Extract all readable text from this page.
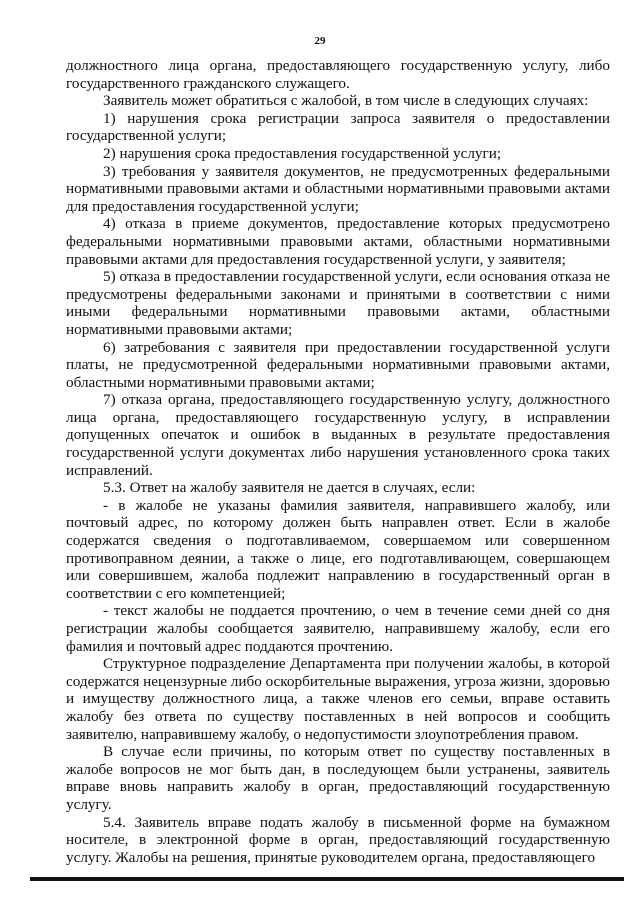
29

должностного лица органа, предоставляющего государственную услугу, либо государственного гражданского служащего.

Заявитель может обратиться с жалобой, в том числе в следующих случаях:

1) нарушения срока регистрации запроса заявителя о предоставлении государственной услуги;

2) нарушения срока предоставления государственной услуги;

3) требования у заявителя документов, не предусмотренных федеральными нормативными правовыми актами и областными нормативными правовыми актами для предоставления государственной услуги;

4) отказа в приеме документов, предоставление которых предусмотрено федеральными нормативными правовыми актами, областными нормативными правовыми актами для предоставления государственной услуги, у заявителя;

5) отказа в предоставлении государственной услуги, если основания отказа не предусмотрены федеральными законами и принятыми в соответствии с ними иными федеральными нормативными правовыми актами, областными нормативными правовыми актами;

6) затребования с заявителя при предоставлении государственной услуги платы, не предусмотренной федеральными нормативными правовыми актами, областными нормативными правовыми актами;

7) отказа органа, предоставляющего государственную услугу, должностного лица органа, предоставляющего государственную услугу, в исправлении допущенных опечаток и ошибок в выданных в результате предоставления государственной услуги документах либо нарушения установленного срока таких исправлений.

5.3. Ответ на жалобу заявителя не дается в случаях, если:

- в жалобе не указаны фамилия заявителя, направившего жалобу, или почтовый адрес, по которому должен быть направлен ответ. Если в жалобе содержатся сведения о подготавливаемом, совершаемом или совершенном противоправном деянии, а также о лице, его подготавливающем, совершающем или совершившем, жалоба подлежит направлению в государственный орган в соответствии с его компетенцией;

- текст жалобы не поддается прочтению, о чем в течение семи дней со дня регистрации жалобы сообщается заявителю, направившему жалобу, если его фамилия и почтовый адрес поддаются прочтению.

Структурное подразделение Департамента при получении жалобы, в которой содержатся нецензурные либо оскорбительные выражения, угроза жизни, здоровью и имуществу должностного лица, а также членов его семьи, вправе оставить жалобу без ответа по существу поставленных в ней вопросов и сообщить заявителю, направившему жалобу, о недопустимости злоупотребления правом.

В случае если причины, по которым ответ по существу поставленных в жалобе вопросов не мог быть дан, в последующем были устранены, заявитель вправе вновь направить жалобу в орган, предоставляющий государственную услугу.

5.4. Заявитель вправе подать жалобу в письменной форме на бумажном носителе, в электронной форме в орган, предоставляющий государственную услугу. Жалобы на решения, принятые руководителем органа, предоставляющего
